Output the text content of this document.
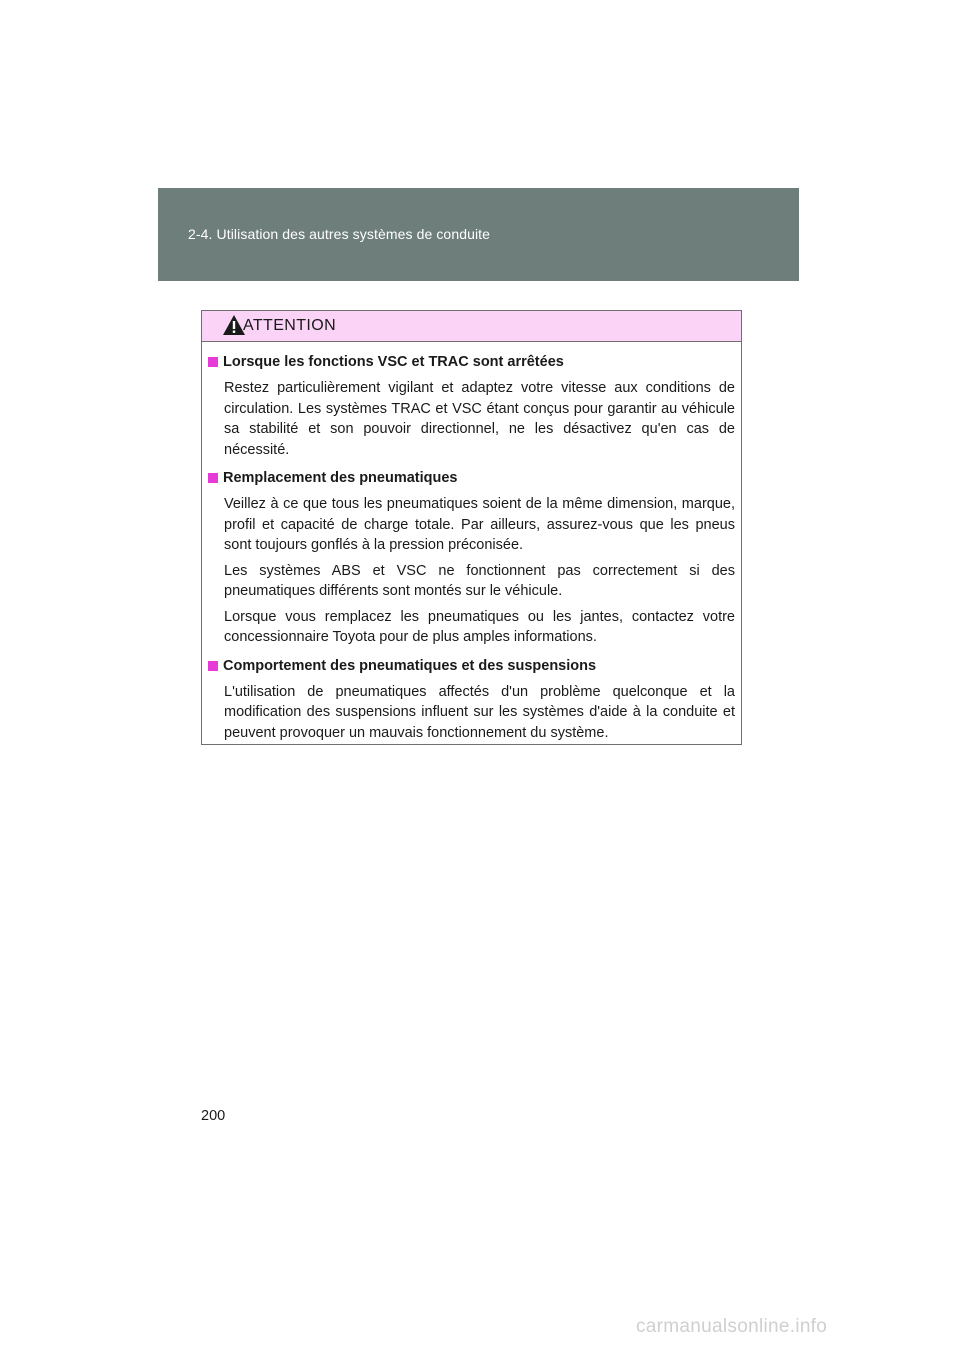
2-4. Utilisation des autres systèmes de conduite
ATTENTION
Lorsque les fonctions VSC et TRAC sont arrêtées

Restez particulièrement vigilant et adaptez votre vitesse aux conditions de circulation. Les systèmes TRAC et VSC étant conçus pour garantir au véhicule sa stabilité et son pouvoir directionnel, ne les désactivez qu'en cas de nécessité.

Remplacement des pneumatiques

Veillez à ce que tous les pneumatiques soient de la même dimension, marque, profil et capacité de charge totale. Par ailleurs, assurez-vous que les pneus sont toujours gonflés à la pression préconisée.

Les systèmes ABS et VSC ne fonctionnent pas correctement si des pneumatiques différents sont montés sur le véhicule.

Lorsque vous remplacez les pneumatiques ou les jantes, contactez votre concessionnaire Toyota pour de plus amples informations.

Comportement des pneumatiques et des suspensions

L'utilisation de pneumatiques affectés d'un problème quelconque et la modification des suspensions influent sur les systèmes d'aide à la conduite et peuvent provoquer un mauvais fonctionnement du système.

200
carmanualsonline.info
